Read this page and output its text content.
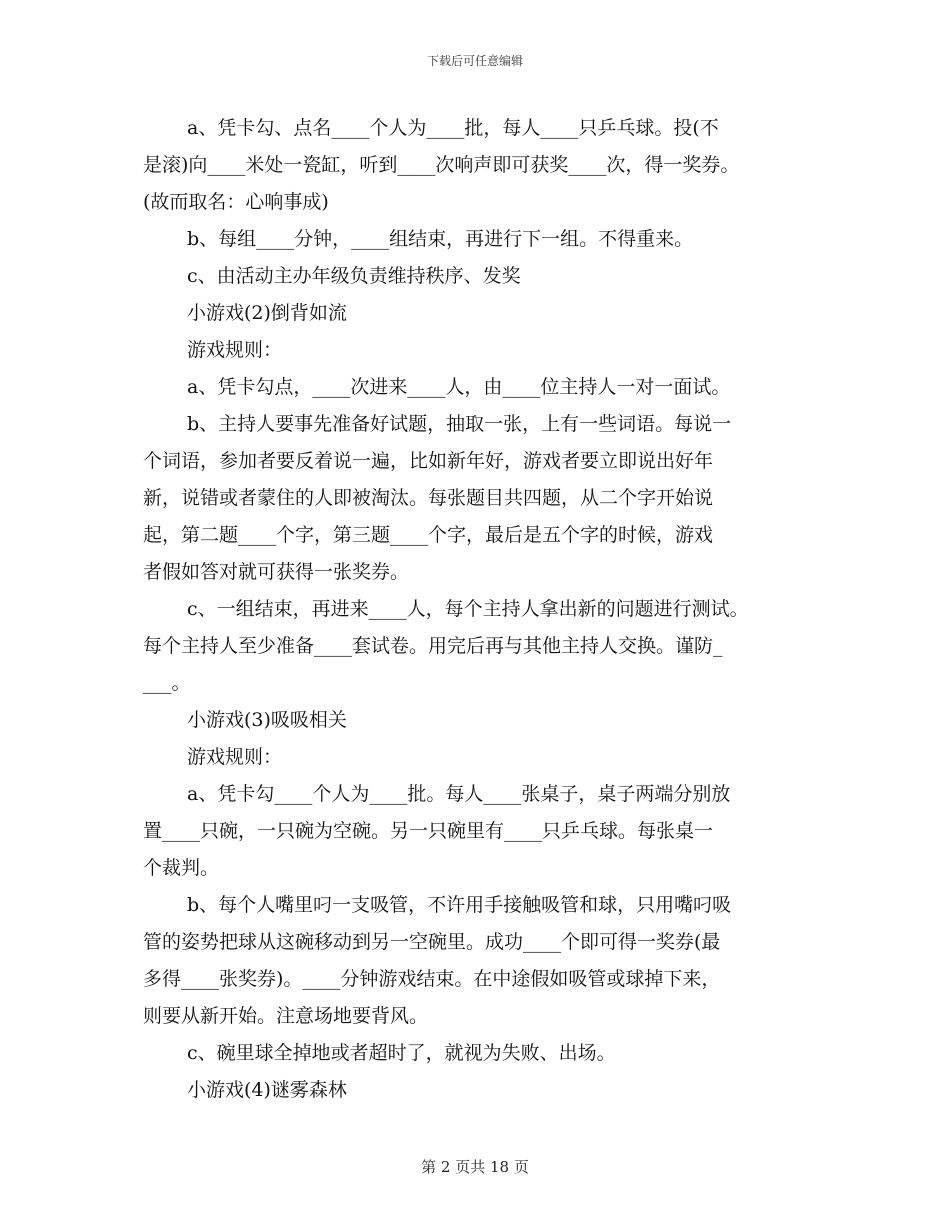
下载后可任意编辑

a、凭卡勾、点名____个人为____批，每人____只乒乓球。投(不

是滚)向____米处一瓷缸，听到____次响声即可获奖____次，得一奖券。

(故而取名：心响事成)

b、每组____分钟，____组结束，再进行下一组。不得重来。

c、由活动主办年级负责维持秩序、发奖

小游戏(2)倒背如流

游戏规则：

a、凭卡勾点，____次进来____人，由____位主持人一对一面试。

b、主持人要事先准备好试题，抽取一张，上有一些词语。每说一

个词语，参加者要反着说一遍，比如新年好，游戏者要立即说出好年

新，说错或者蒙住的人即被淘汰。每张题目共四题，从二个字开始说

起，第二题____个字，第三题____个字，最后是五个字的时候，游戏

者假如答对就可获得一张奖券。

c、一组结束，再进来____人，每个主持人拿出新的问题进行测试。

每个主持人至少准备____套试卷。用完后再与其他主持人交换。谨防_

___。

小游戏(3)吸吸相关

游戏规则：

a、凭卡勾____个人为____批。每人____张桌子，桌子两端分别放

置____只碗，一只碗为空碗。另一只碗里有____只乒乓球。每张桌一

个裁判。

b、每个人嘴里叼一支吸管，不许用手接触吸管和球，只用嘴叼吸

管的姿势把球从这碗移动到另一空碗里。成功____个即可得一奖券(最

多得____张奖券)。____分钟游戏结束。在中途假如吸管或球掉下来，

则要从新开始。注意场地要背风。

c、碗里球全掉地或者超时了，就视为失败、出场。

小游戏(4)谜雾森林

第 2 页共 18 页
